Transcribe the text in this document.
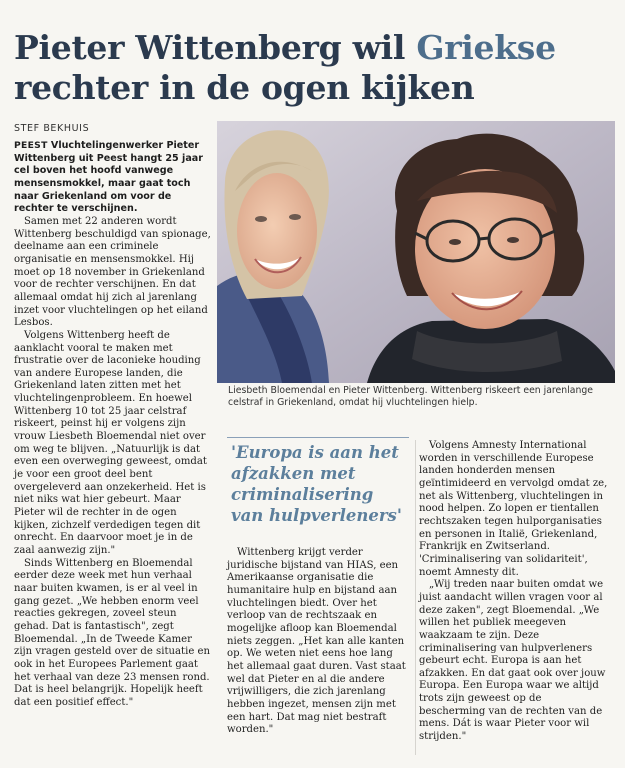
Pieter Wittenberg wil Griekse
rechter in de ogen kijken
STEF BEKHUIS

PEEST Vluchtelingenwerker Pieter Wittenberg uit Peest hangt 25 jaar cel boven het hoofd vanwege mensensmokkel, maar gaat toch naar Griekenland om voor de rechter te verschijnen.

Samen met 22 anderen wordt Wittenberg beschuldigd van spionage, deelname aan een criminele organisatie en mensensmokkel. Hij moet op 18 november in Griekenland voor de rechter verschijnen. En dat allemaal omdat hij zich al jarenlang inzet voor vluchtelingen op het eiland Lesbos.

Volgens Wittenberg heeft de aanklacht vooral te maken met frustratie over de laconieke houding van andere Europese landen, die Griekenland laten zitten met het vluchtelingenprobleem. En hoewel Wittenberg 10 tot 25 jaar celstraf riskeert, peinst hij er volgens zijn vrouw Liesbeth Bloemendal niet over om weg te blijven. „Natuurlijk is dat even een overweging geweest, omdat je voor een groot deel bent overgeleverd aan onzekerheid. Het is niet niks wat hier gebeurt. Maar Pieter wil de rechter in de ogen kijken, zichzelf verdedigen tegen dit onrecht. En daarvoor moet je in de zaal aanwezig zijn."

Sinds Wittenberg en Bloemendal eerder deze week met hun verhaal naar buiten kwamen, is er al veel in gang gezet. „We hebben enorm veel reacties gekregen, zoveel steun gehad. Dat is fantastisch", zegt Bloemendal. „In de Tweede Kamer zijn vragen gesteld over de situatie en ook in het Europees Parlement gaat het verhaal van deze 23 mensen rond. Dat is heel belangrijk. Hopelijk heeft dat een positief effect."

Liesbeth Bloemendal en Pieter Wittenberg. Wittenberg riskeert een jarenlange celstraf in Griekenland, omdat hij vluchtelingen hielp.

'Europa is aan het afzakken met criminalisering van hulpverleners'

Wittenberg krijgt verder juridische bijstand van HIAS, een Amerikaanse organisatie die humanitaire hulp en bijstand aan vluchtelingen biedt. Over het verloop van de rechtszaak en mogelijke afloop kan Bloemendal niets zeggen. „Het kan alle kanten op. We weten niet eens hoe lang het allemaal gaat duren. Vast staat wel dat Pieter en al die andere vrijwilligers, die zich jarenlang hebben ingezet, mensen zijn met een hart. Dat mag niet bestraft worden."

Volgens Amnesty International worden in verschillende Europese landen honderden mensen geïntimideerd en vervolgd omdat ze, net als Wittenberg, vluchtelingen in nood helpen. Zo lopen er tientallen rechtszaken tegen hulporganisaties en personen in Italië, Griekenland, Frankrijk en Zwitserland. 'Criminalisering van solidariteit', noemt Amnesty dit.

„Wij treden naar buiten omdat we juist aandacht willen vragen voor al deze zaken", zegt Bloemendal. „We willen het publiek meegeven waakzaam te zijn. Deze criminalisering van hulpverleners gebeurt echt. Europa is aan het afzakken. En dat gaat ook over jouw Europa. Een Europa waar we altijd trots zijn geweest op de bescherming van de rechten van de mens. Dát is waar Pieter voor wil strijden."
